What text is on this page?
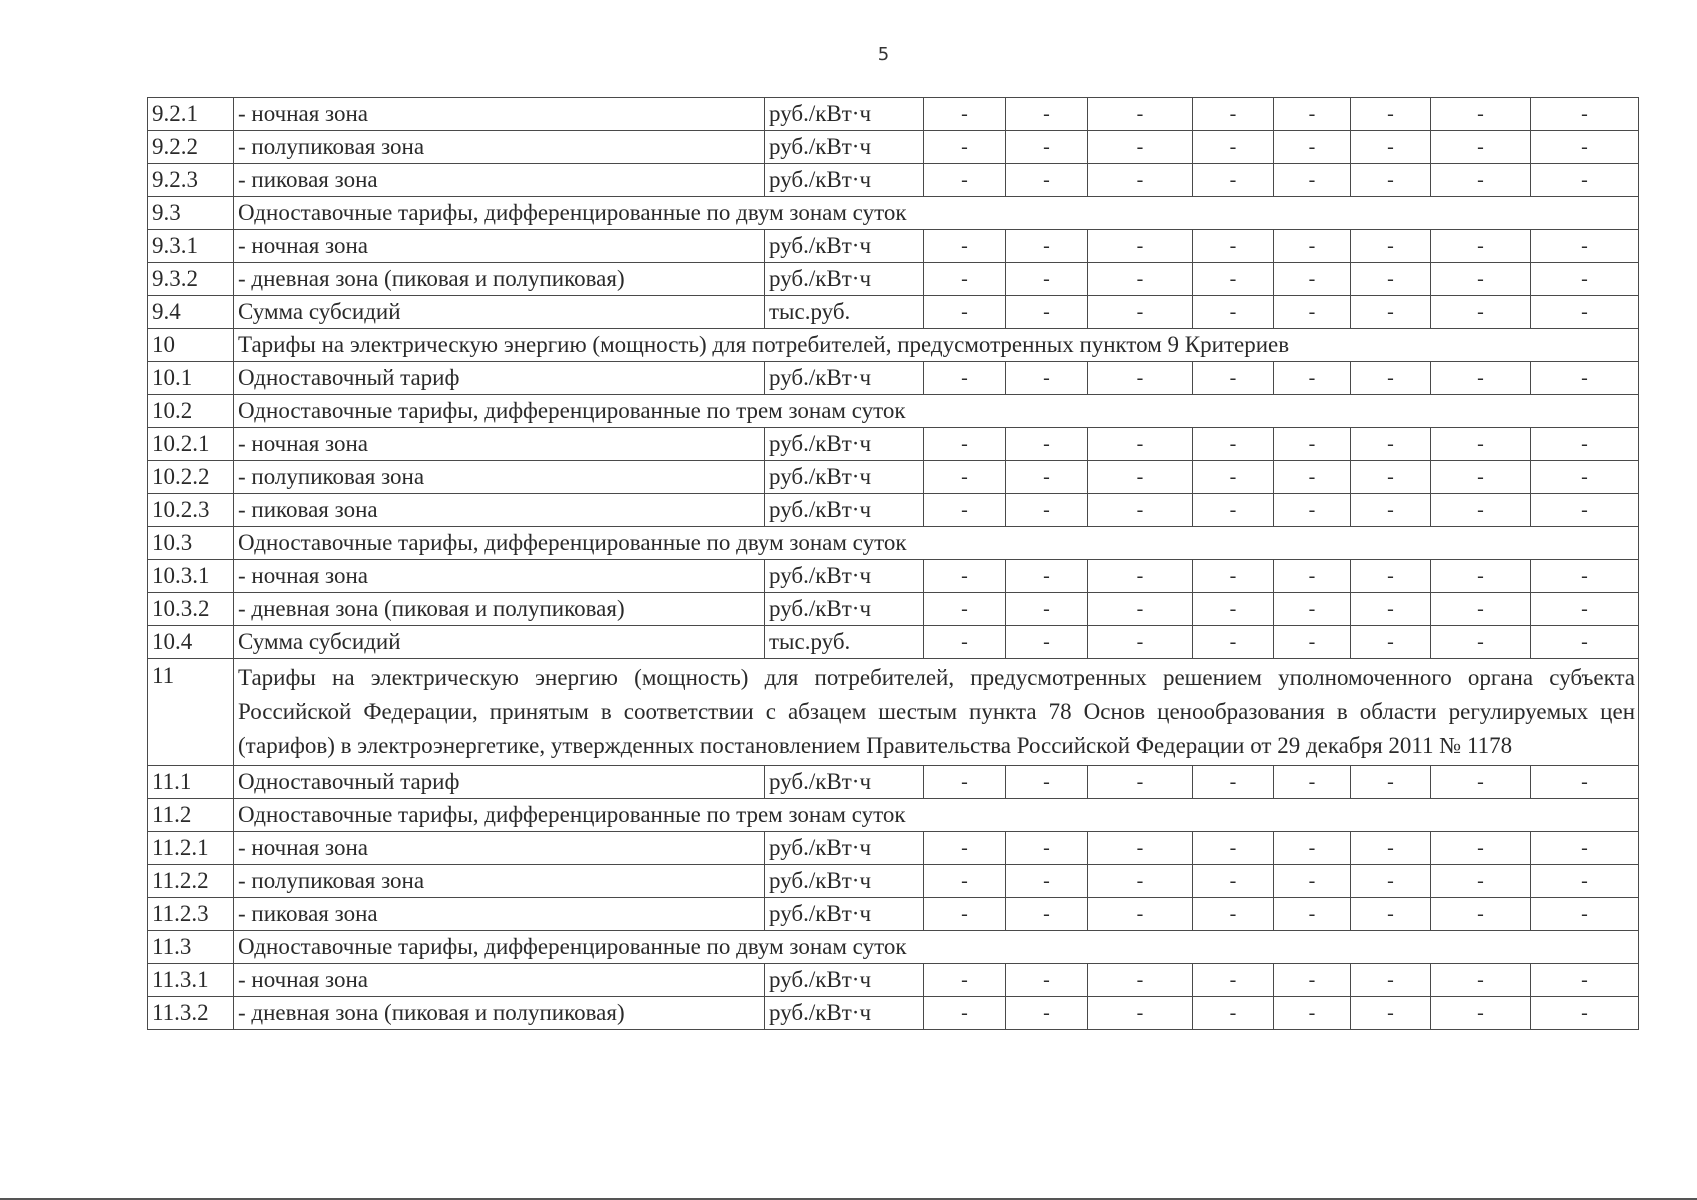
5
9.2.1	- ночная зона	руб./кВт·ч	-	-	-	-	-	-	-	-
9.2.2	- полупиковая зона	руб./кВт·ч	-	-	-	-	-	-	-	-
9.2.3	- пиковая зона	руб./кВт·ч	-	-	-	-	-	-	-	-
9.3	Одноставочные тарифы, дифференцированные по двум зонам суток									
9.3.1	- ночная зона	руб./кВт·ч	-	-	-	-	-	-	-	-
9.3.2	- дневная зона (пиковая и полупиковая)	руб./кВт·ч	-	-	-	-	-	-	-	-
9.4	Сумма субсидий	тыс.руб.	-	-	-	-	-	-	-	-
10	Тарифы на электрическую энергию (мощность) для потребителей, предусмотренных пунктом 9 Критериев									
10.1	Одноставочный тариф	руб./кВт·ч	-	-	-	-	-	-	-	-
10.2	Одноставочные тарифы, дифференцированные по трем зонам суток									
10.2.1	- ночная зона	руб./кВт·ч	-	-	-	-	-	-	-	-
10.2.2	- полупиковая зона	руб./кВт·ч	-	-	-	-	-	-	-	-
10.2.3	- пиковая зона	руб./кВт·ч	-	-	-	-	-	-	-	-
10.3	Одноставочные тарифы, дифференцированные по двум зонам суток									
10.3.1	- ночная зона	руб./кВт·ч	-	-	-	-	-	-	-	-
10.3.2	- дневная зона (пиковая и полупиковая)	руб./кВт·ч	-	-	-	-	-	-	-	-
10.4	Сумма субсидий	тыс.руб.	-	-	-	-	-	-	-	-
11	Тарифы на электрическую энергию (мощность) для потребителей, предусмотренных решением уполномоченного органа субъекта Российской Федерации, принятым в соответствии с абзацем шестым пункта 78 Основ ценообразования в области регулируемых цен (тарифов) в электроэнергетике, утвержденных постановлением Правительства Российской Федерации от 29 декабря 2011 № 1178									
11.1	Одноставочный тариф	руб./кВт·ч	-	-	-	-	-	-	-	-
11.2	Одноставочные тарифы, дифференцированные по трем зонам суток									
11.2.1	- ночная зона	руб./кВт·ч	-	-	-	-	-	-	-	-
11.2.2	- полупиковая зона	руб./кВт·ч	-	-	-	-	-	-	-	-
11.2.3	- пиковая зона	руб./кВт·ч	-	-	-	-	-	-	-	-
11.3	Одноставочные тарифы, дифференцированные по двум зонам суток									
11.3.1	- ночная зона	руб./кВт·ч	-	-	-	-	-	-	-	-
11.3.2	- дневная зона (пиковая и полупиковая)	руб./кВт·ч	-	-	-	-	-	-	-	-
